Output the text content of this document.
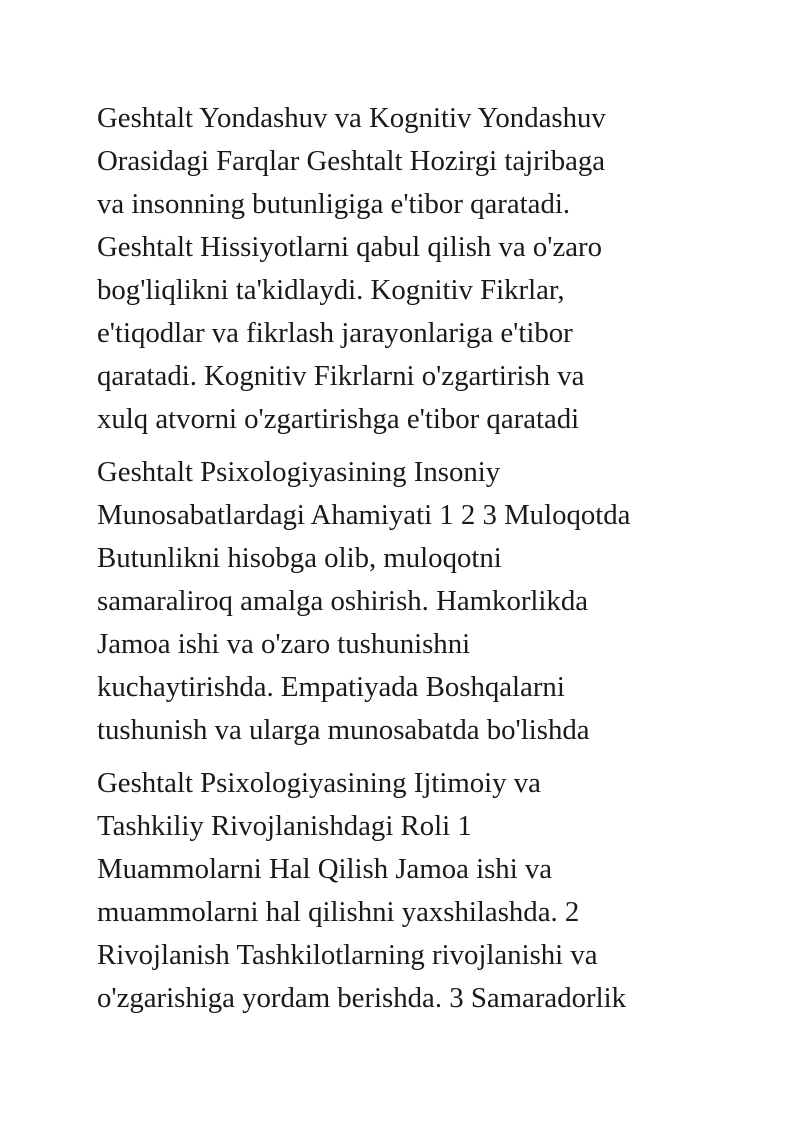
Geshtalt Yondashuv va Kognitiv Yondashuv
Orasidagi Farqlar Geshtalt Hozirgi tajribaga
va insonning butunligiga e'tibor qaratadi.
Geshtalt Hissiyotlarni qabul qilish va o'zaro
bog'liqlikni ta'kidlaydi. Kognitiv Fikrlar,
e'tiqodlar va fikrlash jarayonlariga e'tibor
qaratadi. Kognitiv Fikrlarni o'zgartirish va
xulq atvorni o'zgartirishga e'tibor qaratadi

Geshtalt Psixologiyasining Insoniy
Munosabatlardagi Ahamiyati 1 2 3 Muloqotda
Butunlikni hisobga olib, muloqotni
samaraliroq amalga oshirish. Hamkorlikda
Jamoa ishi va o'zaro tushunishni
kuchaytirishda. Empatiyada Boshqalarni
tushunish va ularga munosabatda bo'lishda

Geshtalt Psixologiyasining Ijtimoiy va
Tashkiliy Rivojlanishdagi Roli 1
Muammolarni Hal Qilish Jamoa ishi va
muammolarni hal qilishni yaxshilashda. 2
Rivojlanish Tashkilotlarning rivojlanishi va
o'zgarishiga yordam berishda. 3 Samaradorlik
